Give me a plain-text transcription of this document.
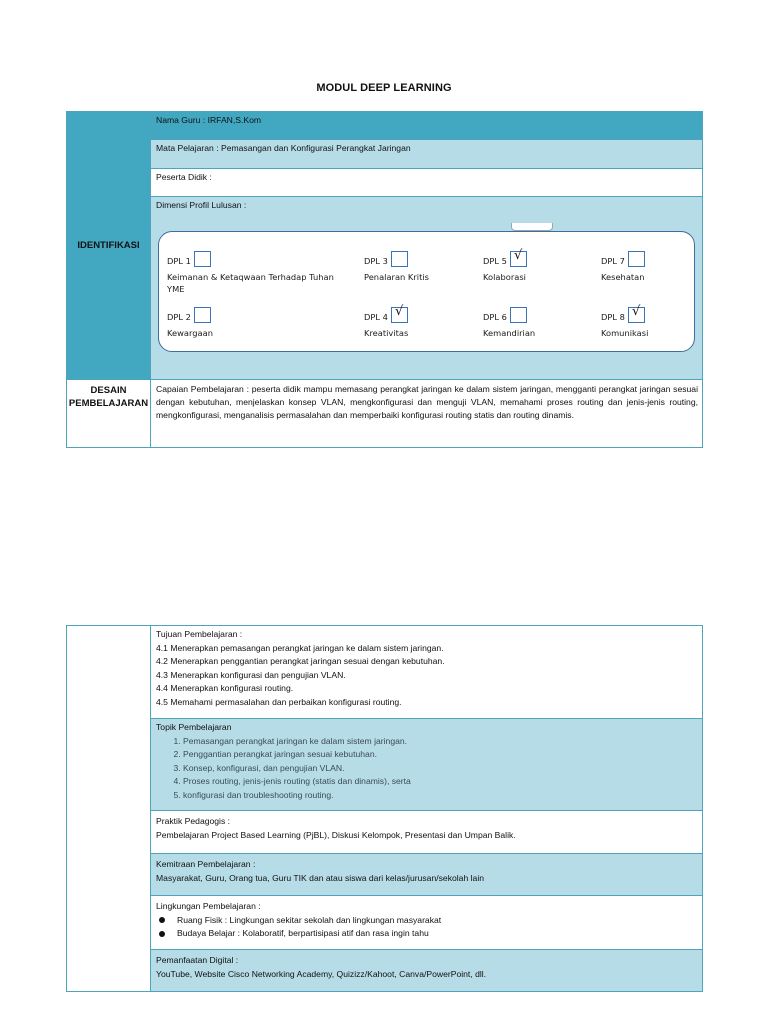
MODUL DEEP LEARNING
IDENTIFIKASI
Nama Guru : IRFAN,S.Kom
Mata Pelajaran : Pemasangan dan Konfigurasi Perangkat Jaringan
Peserta Didik :
Dimensi Profil Lulusan :
DPL 1
Keimanan & Ketaqwaan Terhadap Tuhan YME
DPL 2
Kewargaan
DPL 3
Penalaran Kritis
DPL 4 √
Kreativitas
DPL 5 √
Kolaborasi
DPL 6
Kemandirian
DPL 7
Kesehatan
DPL 8 √
Komunikasi
DESAIN PEMBELAJARAN
Capaian Pembelajaran : peserta didik mampu memasang perangkat jaringan ke dalam sistem jaringan, mengganti perangkat jaringan sesuai dengan kebutuhan, menjelaskan konsep VLAN, mengkonfigurasi dan menguji VLAN, memahami proses routing dan jenis-jenis routing, mengkonfigurasi, menganalisis permasalahan dan memperbaiki konfigurasi routing statis dan routing dinamis.
Tujuan Pembelajaran :
4.1 Menerapkan pemasangan perangkat jaringan ke dalam sistem jaringan.
4.2 Menerapkan penggantian perangkat jaringan sesuai dengan kebutuhan.
4.3 Menerapkan konfigurasi dan pengujian VLAN.
4.4 Menerapkan konfigurasi routing.
4.5 Memahami permasalahan dan perbaikan konfigurasi routing.
Topik Pembelajaran
1. Pemasangan perangkat jaringan ke dalam sistem jaringan.
2. Penggantian perangkat jaringan sesuai kebutuhan.
3. Konsep, konfigurasi, dan pengujian VLAN.
4. Proses routing, jenis-jenis routing (statis dan dinamis), serta
5. konfigurasi dan troubleshooting routing.
Praktik Pedagogis :
Pembelajaran Project Based Learning (PjBL), Diskusi Kelompok, Presentasi dan Umpan Balik.
Kemitraan Pembelajaran :
Masyarakat, Guru, Orang tua, Guru TIK dan atau siswa dari kelas/jurusan/sekolah lain
Lingkungan Pembelajaran :
Ruang Fisik : Lingkungan sekitar sekolah dan lingkungan masyarakat
Budaya Belajar : Kolaboratif, berpartisipasi atif dan rasa ingin tahu
Pemanfaatan Digital :
YouTube, Website Cisco Networking Academy, Quizizz/Kahoot, Canva/PowerPoint, dll.
